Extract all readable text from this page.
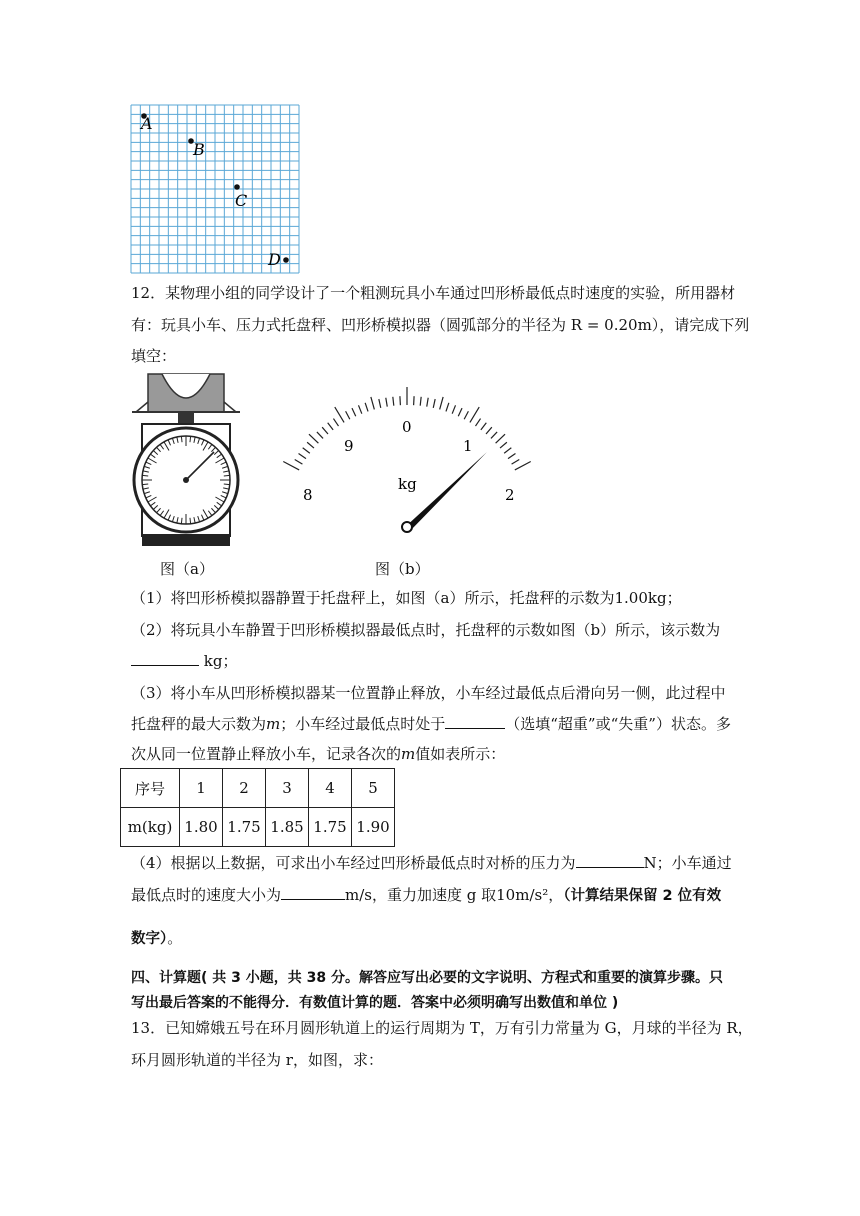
A
B
C
D
12．某物理小组的同学设计了一个粗测玩具小车通过凹形桥最低点时速度的实验，所用器材
有：玩具小车、压力式托盘秤、凹形桥模拟器（圆弧部分的半径为 R = 0.20m），请完成下列
填空：
图（a）
8
9
0
1
2
kg
图（b）
（1）将凹形桥模拟器静置于托盘秤上，如图（a）所示，托盘秤的示数为1.00kg；
（2）将玩具小车静置于凹形桥模拟器最低点时，托盘秤的示数如图（b）所示，该示数为
kg；
（3）将小车从凹形桥模拟器某一位置静止释放，小车经过最低点后滑向另一侧，此过程中
托盘秤的最大示数为m；小车经过最低点时处于	（选填“超重”或“失重”）状态。多
次从同一位置静止释放小车，记录各次的m值如表所示：
序号	1	2	3	4	5
m(kg)	1.80	1.75	1.85	1.75	1.90
（4）根据以上数据，可求出小车经过凹形桥最低点时对桥的压力为	N；小车通过
最低点时的速度大小为	m/s，重力加速度 g 取10m/s²，（计算结果保留 2 位有效
数字）。
四、计算题( 共 3 小题，共 38 分。解答应写出必要的文字说明、方程式和重要的演算步骤。只
写出最后答案的不能得分．有数值计算的题．答案中必须明确写出数值和单位 )
13．已知嫦娥五号在环月圆形轨道上的运行周期为 T，万有引力常量为 G，月球的半径为 R，
环月圆形轨道的半径为 r，如图，求：
